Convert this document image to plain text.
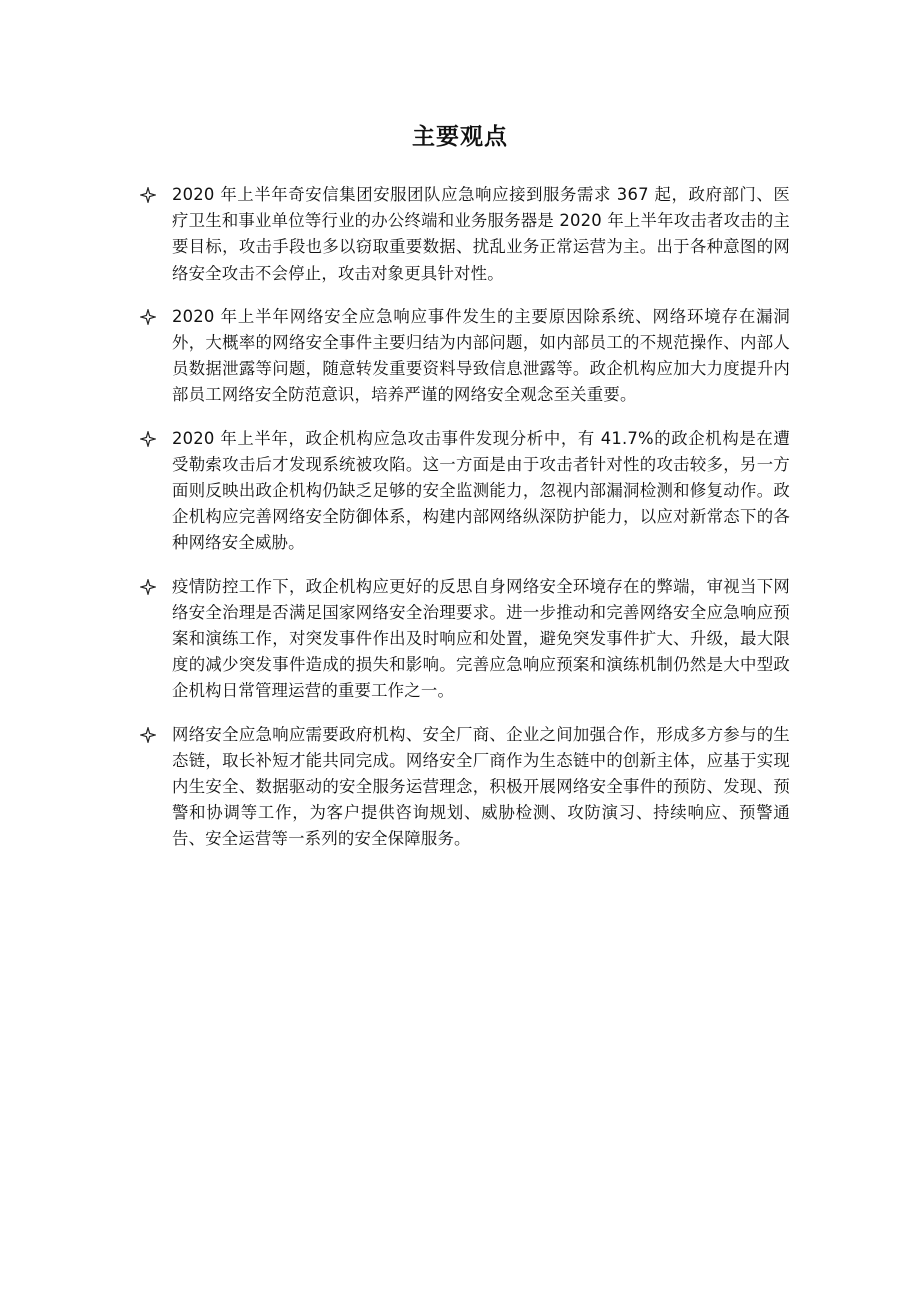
主要观点
2020 年上半年奇安信集团安服团队应急响应接到服务需求 367 起，政府部门、医疗卫生和事业单位等行业的办公终端和业务服务器是 2020 年上半年攻击者攻击的主要目标，攻击手段也多以窃取重要数据、扰乱业务正常运营为主。出于各种意图的网络安全攻击不会停止，攻击对象更具针对性。
2020 年上半年网络安全应急响应事件发生的主要原因除系统、网络环境存在漏洞外，大概率的网络安全事件主要归结为内部问题，如内部员工的不规范操作、内部人员数据泄露等问题，随意转发重要资料导致信息泄露等。政企机构应加大力度提升内部员工网络安全防范意识，培养严谨的网络安全观念至关重要。
2020 年上半年，政企机构应急攻击事件发现分析中，有 41.7%的政企机构是在遭受勒索攻击后才发现系统被攻陷。这一方面是由于攻击者针对性的攻击较多，另一方面则反映出政企机构仍缺乏足够的安全监测能力，忽视内部漏洞检测和修复动作。政企机构应完善网络安全防御体系，构建内部网络纵深防护能力，以应对新常态下的各种网络安全威胁。
疫情防控工作下，政企机构应更好的反思自身网络安全环境存在的弊端，审视当下网络安全治理是否满足国家网络安全治理要求。进一步推动和完善网络安全应急响应预案和演练工作，对突发事件作出及时响应和处置，避免突发事件扩大、升级，最大限度的减少突发事件造成的损失和影响。完善应急响应预案和演练机制仍然是大中型政企机构日常管理运营的重要工作之一。
网络安全应急响应需要政府机构、安全厂商、企业之间加强合作，形成多方参与的生态链，取长补短才能共同完成。网络安全厂商作为生态链中的创新主体，应基于实现内生安全、数据驱动的安全服务运营理念，积极开展网络安全事件的预防、发现、预警和协调等工作，为客户提供咨询规划、威胁检测、攻防演习、持续响应、预警通告、安全运营等一系列的安全保障服务。
